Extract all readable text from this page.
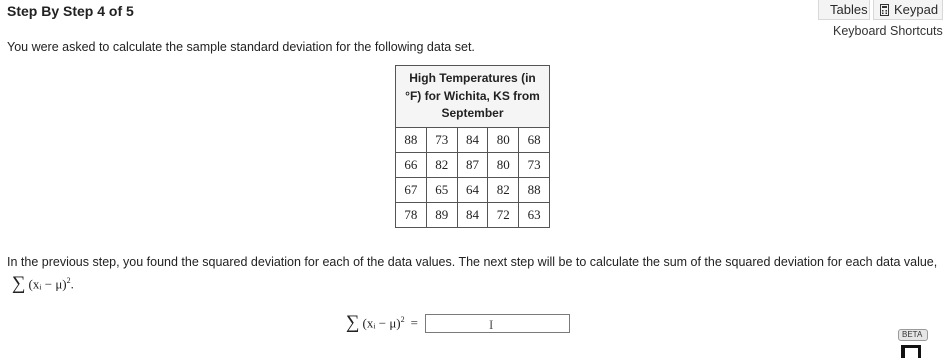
Step By Step 4 of 5	Tables Keypad
Keyboard Shortcuts
You were asked to calculate the sample standard deviation for the following data set.
High Temperatures (in
°F) for Wichita, KS from
September
88	73	84	80	68
66	82	87	80	73
67	65	64	82	88
78	89	84	72	63
In the previous step, you found the squared deviation for each of the data values. The next step will be to calculate the sum of the squared deviation for each data value,
∑ (xᵢ − μ)$^2$.
∑ (xᵢ − μ)$^2$ =	I
BETA
